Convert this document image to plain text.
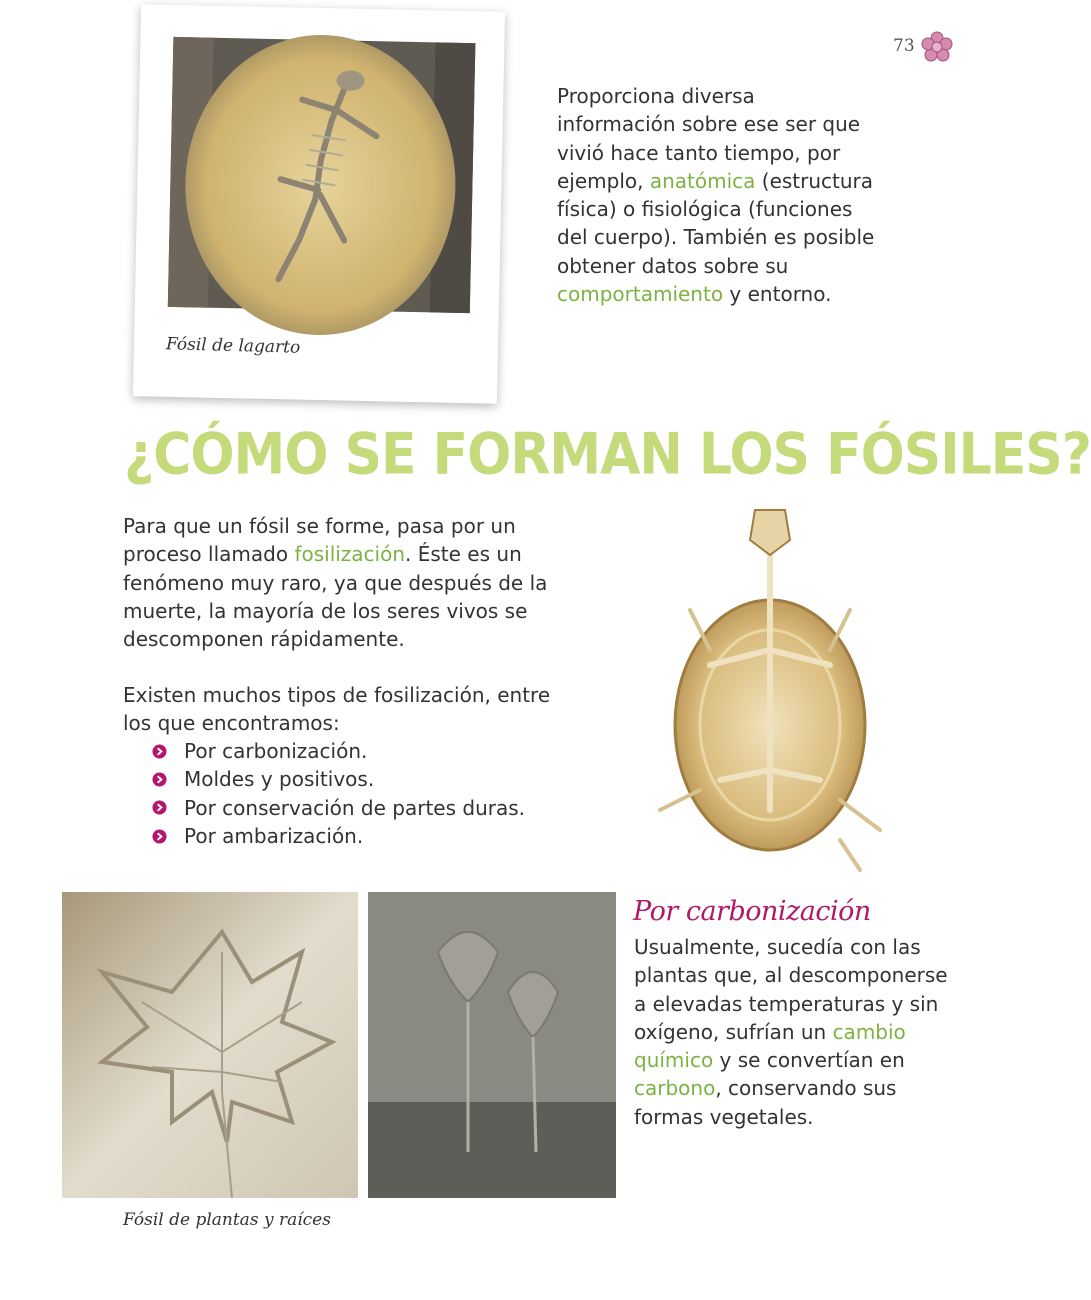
73
Fósil de lagarto
Proporciona diversa información sobre ese ser que vivió hace tanto tiempo, por ejemplo, anatómica (estructura física) o fisiológica (funciones del cuerpo). También es posible obtener datos sobre su comportamiento y entorno.
¿CÓMO SE FORMAN LOS FÓSILES?
Para que un fósil se forme, pasa por un proceso llamado fosilización. Éste es un fenómeno muy raro, ya que después de la muerte, la mayoría de los seres vivos se descomponen rápidamente.
Existen muchos tipos de fosilización, entre los que encontramos:
Por carbonización.
Moldes y positivos.
Por conservación de partes duras.
Por ambarización.
Fósil de plantas y raíces
Por carbonización
Usualmente, sucedía con las plantas que, al descomponerse a elevadas temperaturas y sin oxígeno, sufrían un cambio químico y se convertían en carbono, conservando sus formas vegetales.
